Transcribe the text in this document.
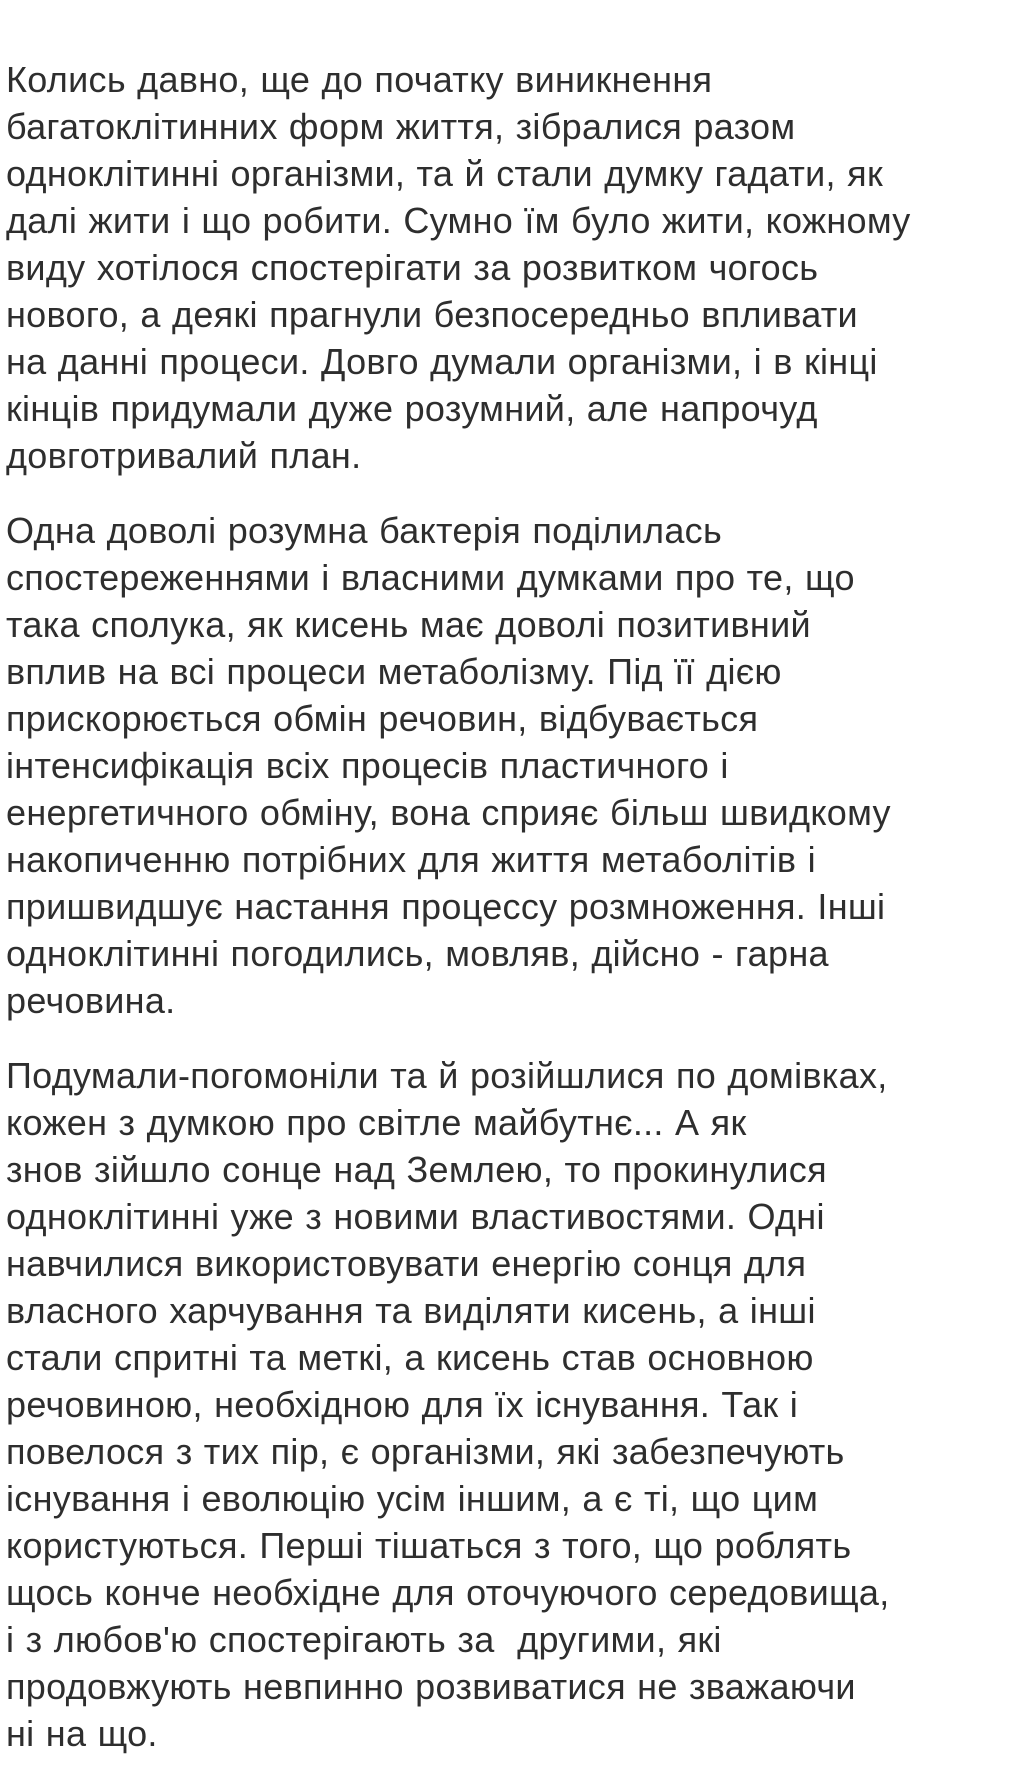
Колись давно, ще до початку виникнення
багатоклітинних форм життя, зібралися разом
одноклітинні організми, та й стали думку гадати, як
далі жити і що робити. Сумно їм було жити, кожному
виду хотілося спостерігати за розвитком чогось
нового, а деякі прагнули безпосередньо впливати
на данні процеси. Довго думали організми, і в кінці
кінців придумали дуже розумний, але напрочуд
довготривалий план.
Одна доволі розумна бактерія поділилась
спостереженнями і власними думками про те, що
така сполука, як кисень має доволі позитивний
вплив на всі процеси метаболізму. Під її дією
прискорюється обмін речовин, відбувається
інтенсифікація всіх процесів пластичного і
енергетичного обміну, вона сприяє більш швидкому
накопиченню потрібних для життя метаболітів і
пришвидшує настання процессу розмноження. Інші
одноклітинні погодились, мовляв, дійсно - гарна
речовина.
Подумали-погомоніли та й розійшлися по домівках,
кожен з думкою про світле майбутнє... А як
знов зійшло сонце над Землею, то прокинулися
одноклітинні уже з новими властивостями. Одні
навчилися використовувати енергію сонця для
власного харчування та виділяти кисень, а інші
стали спритні та меткі, а кисень став основною
речовиною, необхідною для їх існування. Так і
повелося з тих пір, є організми, які забезпечують
існування і еволюцію усім іншим, а є ті, що цим
користуються. Перші тішаться з того, що роблять
щось конче необхідне для оточуючого середовища,
і з любов'ю спостерігають за  другими, які
продовжують невпинно розвиватися не зважаючи
ні на що.
